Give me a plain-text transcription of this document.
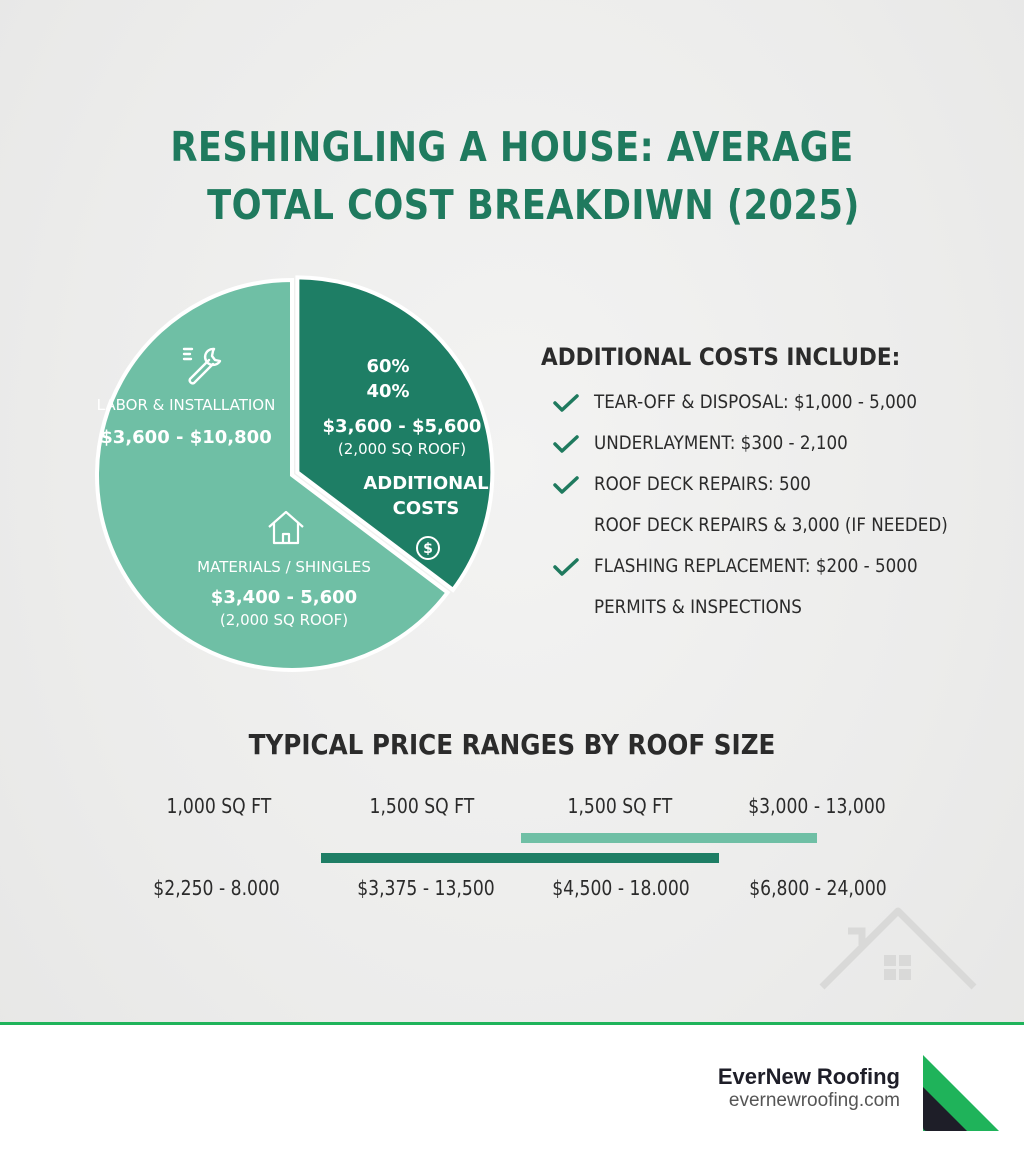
RESHINGLING A HOUSE: AVERAGE
TOTAL COST BREAKDIWN (2025)
$
LABOR & INSTALLATION
$3,600 - $10,800
MATERIALS / SHINGLES
$3,400 - 5,600
(2,000 SQ ROOF)
60%
40%
$3,600 - $5,600
(2,000 SQ ROOF)
ADDITIONAL
COSTS
ADDITIONAL COSTS INCLUDE:
TEAR-OFF & DISPOSAL: $1,000 - 5,000
UNDERLAYMENT: $300 - 2,100
ROOF DECK REPAIRS: 500
ROOF DECK REPAIRS & 3,000 (IF NEEDED)
FLASHING REPLACEMENT: $200 - 5000
PERMITS & INSPECTIONS
TYPICAL PRICE RANGES BY ROOF SIZE
1,000 SQ FT	1,500 SQ FT	1,500 SQ FT	$3,000 - 13,000
$2,250 - 8.000	$3,375 - 13,500	$4,500 - 18.000	$6,800 - 24,000

EverNew Roofing

evernewroofing.com
